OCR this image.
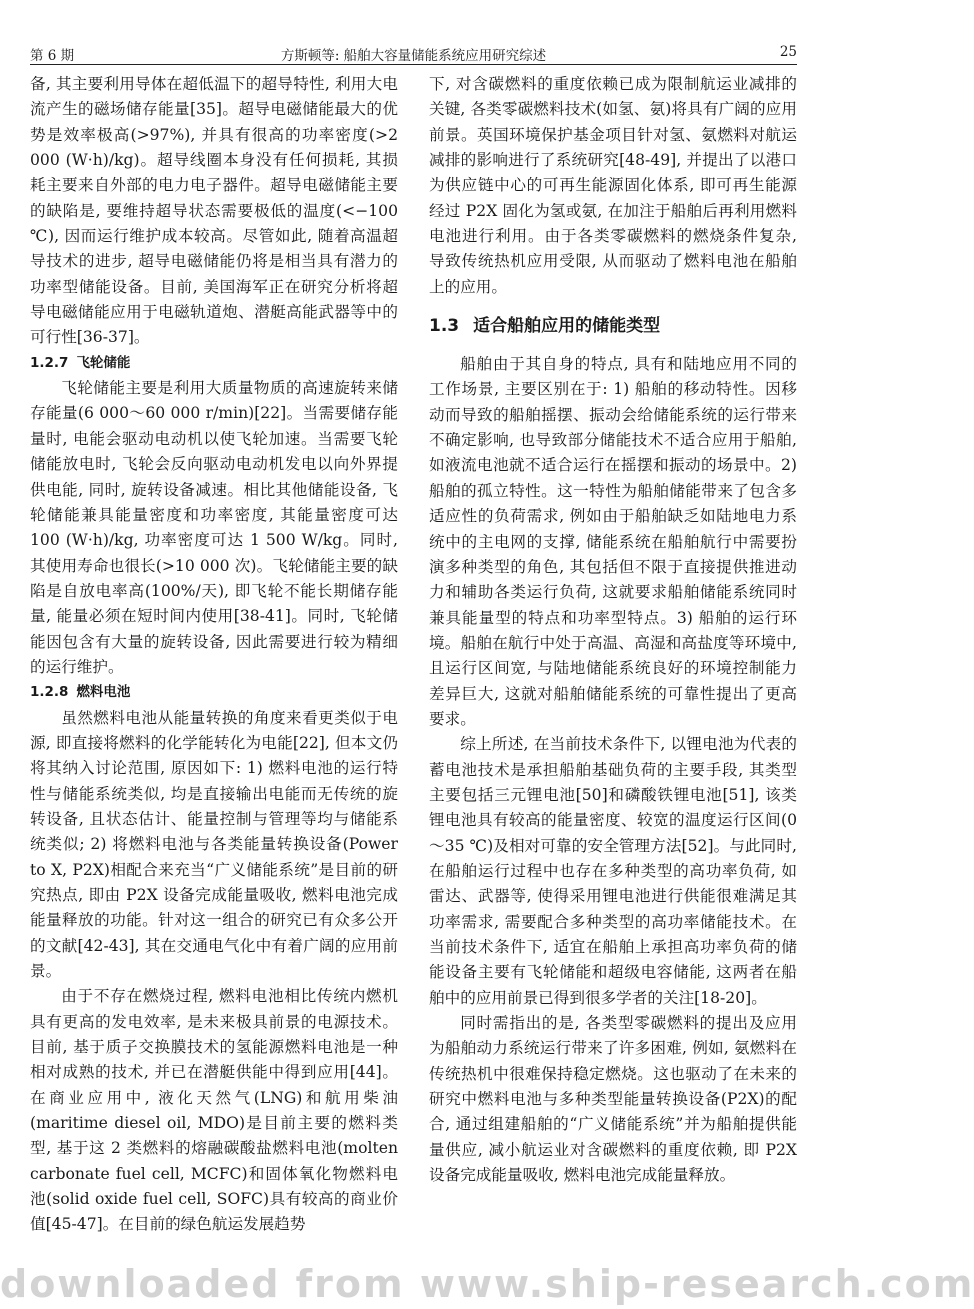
第 6 期	方斯顿等: 船舶大容量储能系统应用研究综述	25

备, 其主要利用导体在超低温下的超导特性, 利用大电流产生的磁场储存能量[35]。超导电磁储能最大的优势是效率极高(>97%), 并具有很高的功率密度(>2 000 (W·h)/kg)。超导线圈本身没有任何损耗, 其损耗主要来自外部的电力电子器件。超导电磁储能主要的缺陷是, 要维持超导状态需要极低的温度(<−100 ℃), 因而运行维护成本较高。尽管如此, 随着高温超导技术的进步, 超导电磁储能仍将是相当具有潜力的功率型储能设备。目前, 美国海军正在研究分析将超导电磁储能应用于电磁轨道炮、潜艇高能武器等中的可行性[36-37]。

1.2.7 飞轮储能

飞轮储能主要是利用大质量物质的高速旋转来储存能量(6 000～60 000 r/min)[22]。当需要储存能量时, 电能会驱动电动机以使飞轮加速。当需要飞轮储能放电时, 飞轮会反向驱动电动机发电以向外界提供电能, 同时, 旋转设备减速。相比其他储能设备, 飞轮储能兼具能量密度和功率密度, 其能量密度可达 100 (W·h)/kg, 功率密度可达 1 500 W/kg。同时, 其使用寿命也很长(>10 000 次)。飞轮储能主要的缺陷是自放电率高(100%/天), 即飞轮不能长期储存能量, 能量必须在短时间内使用[38-41]。同时, 飞轮储能因包含有大量的旋转设备, 因此需要进行较为精细的运行维护。

1.2.8 燃料电池

虽然燃料电池从能量转换的角度来看更类似于电源, 即直接将燃料的化学能转化为电能[22], 但本文仍将其纳入讨论范围, 原因如下: 1) 燃料电池的运行特性与储能系统类似, 均是直接输出电能而无传统的旋转设备, 且状态估计、能量控制与管理等均与储能系统类似; 2) 将燃料电池与各类能量转换设备(Power to X, P2X)相配合来充当“广义储能系统”是目前的研究热点, 即由 P2X 设备完成能量吸收, 燃料电池完成能量释放的功能。针对这一组合的研究已有众多公开的文献[42-43], 其在交通电气化中有着广阔的应用前景。

由于不存在燃烧过程, 燃料电池相比传统内燃机具有更高的发电效率, 是未来极具前景的电源技术。目前, 基于质子交换膜技术的氢能源燃料电池是一种相对成熟的技术, 并已在潜艇供能中得到应用[44]。在商业应用中, 液化天然气(LNG)和航用柴油(maritime diesel oil, MDO)是目前主要的燃料类型, 基于这 2 类燃料的熔融碳酸盐燃料电池(molten carbonate fuel cell, MCFC)和固体氧化物燃料电池(solid oxide fuel cell, SOFC)具有较高的商业价值[45-47]。在目前的绿色航运发展趋势

下, 对含碳燃料的重度依赖已成为限制航运业减排的关键, 各类零碳燃料技术(如氢、氨)将具有广阔的应用前景。英国环境保护基金项目针对氢、氨燃料对航运减排的影响进行了系统研究[48-49], 并提出了以港口为供应链中心的可再生能源固化体系, 即可再生能源经过 P2X 固化为氢或氨, 在加注于船舶后再利用燃料电池进行利用。由于各类零碳燃料的燃烧条件复杂, 导致传统热机应用受限, 从而驱动了燃料电池在船舶上的应用。

1.3 适合船舶应用的储能类型

船舶由于其自身的特点, 具有和陆地应用不同的工作场景, 主要区别在于: 1) 船舶的移动特性。因移动而导致的船舶摇摆、振动会给储能系统的运行带来不确定影响, 也导致部分储能技术不适合应用于船舶, 如液流电池就不适合运行在摇摆和振动的场景中。2) 船舶的孤立特性。这一特性为船舶储能带来了包含多适应性的负荷需求, 例如由于船舶缺乏如陆地电力系统中的主电网的支撑, 储能系统在船舶航行中需要扮演多种类型的角色, 其包括但不限于直接提供推进动力和辅助各类运行负荷, 这就要求船舶储能系统同时兼具能量型的特点和功率型特点。3) 船舶的运行环境。船舶在航行中处于高温、高湿和高盐度等环境中, 且运行区间宽, 与陆地储能系统良好的环境控制能力差异巨大, 这就对船舶储能系统的可靠性提出了更高要求。

综上所述, 在当前技术条件下, 以锂电池为代表的蓄电池技术是承担船舶基础负荷的主要手段, 其类型主要包括三元锂电池[50]和磷酸铁锂电池[51], 该类锂电池具有较高的能量密度、较宽的温度运行区间(0～35 ℃)及相对可靠的安全管理方法[52]。与此同时, 在船舶运行过程中也存在多种类型的高功率负荷, 如雷达、武器等, 使得采用锂电池进行供能很难满足其功率需求, 需要配合多种类型的高功率储能技术。在当前技术条件下, 适宜在船舶上承担高功率负荷的储能设备主要有飞轮储能和超级电容储能, 这两者在船舶中的应用前景已得到很多学者的关注[18-20]。

同时需指出的是, 各类型零碳燃料的提出及应用为船舶动力系统运行带来了许多困难, 例如, 氨燃料在传统热机中很难保持稳定燃烧。这也驱动了在未来的研究中燃料电池与多种类型能量转换设备(P2X)的配合, 通过组建船舶的“广义储能系统”并为船舶提供能量供应, 减小航运业对含碳燃料的重度依赖, 即 P2X 设备完成能量吸收, 燃料电池完成能量释放。

downloaded from www.ship-research.com
